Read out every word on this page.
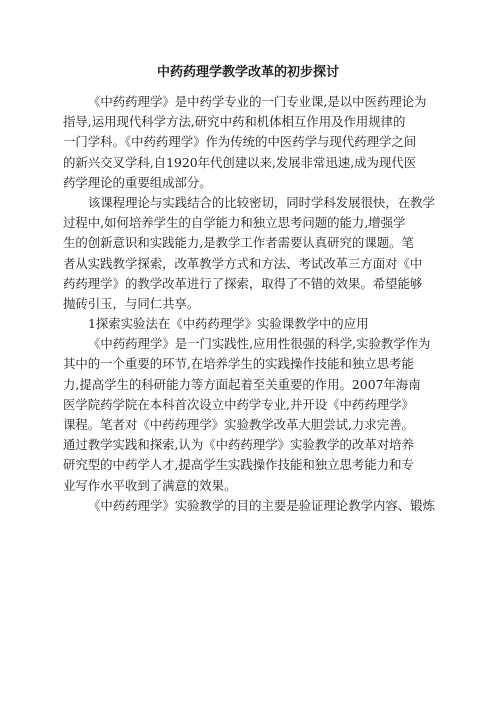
中药药理学教学改革的初步探讨
《中药药理学》是中药学专业的一门专业课,是以中医药理论为
指导,运用现代科学方法,研究中药和机体相互作用及作用规律的
一门学科。《中药药理学》作为传统的中医药学与现代药理学之间
的新兴交叉学科,自1920年代创建以来,发展非常迅速,成为现代医
药学理论的重要组成部分。
该课程理论与实践结合的比较密切，同时学科发展很快，在教学
过程中,如何培养学生的自学能力和独立思考问题的能力,增强学
生的创新意识和实践能力,是教学工作者需要认真研究的课题。笔
者从实践教学探索，改革教学方式和方法、考试改革三方面对《中
药药理学》的教学改革进行了探索，取得了不错的效果。希望能够
抛砖引玉，与同仁共享。
1探索实验法在《中药药理学》实验课教学中的应用
《中药药理学》是一门实践性,应用性很强的科学,实验教学作为
其中的一个重要的环节,在培养学生的实践操作技能和独立思考能
力,提高学生的科研能力等方面起着至关重要的作用。2007年海南
医学院药学院在本科首次设立中药学专业,并开设《中药药理学》
课程。笔者对《中药药理学》实验教学改革大胆尝试,力求完善。
通过教学实践和探索,认为《中药药理学》实验教学的改革对培养
研究型的中药学人才,提高学生实践操作技能和独立思考能力和专
业写作水平收到了满意的效果。
《中药药理学》实验教学的目的主要是验证理论教学内容、锻炼
